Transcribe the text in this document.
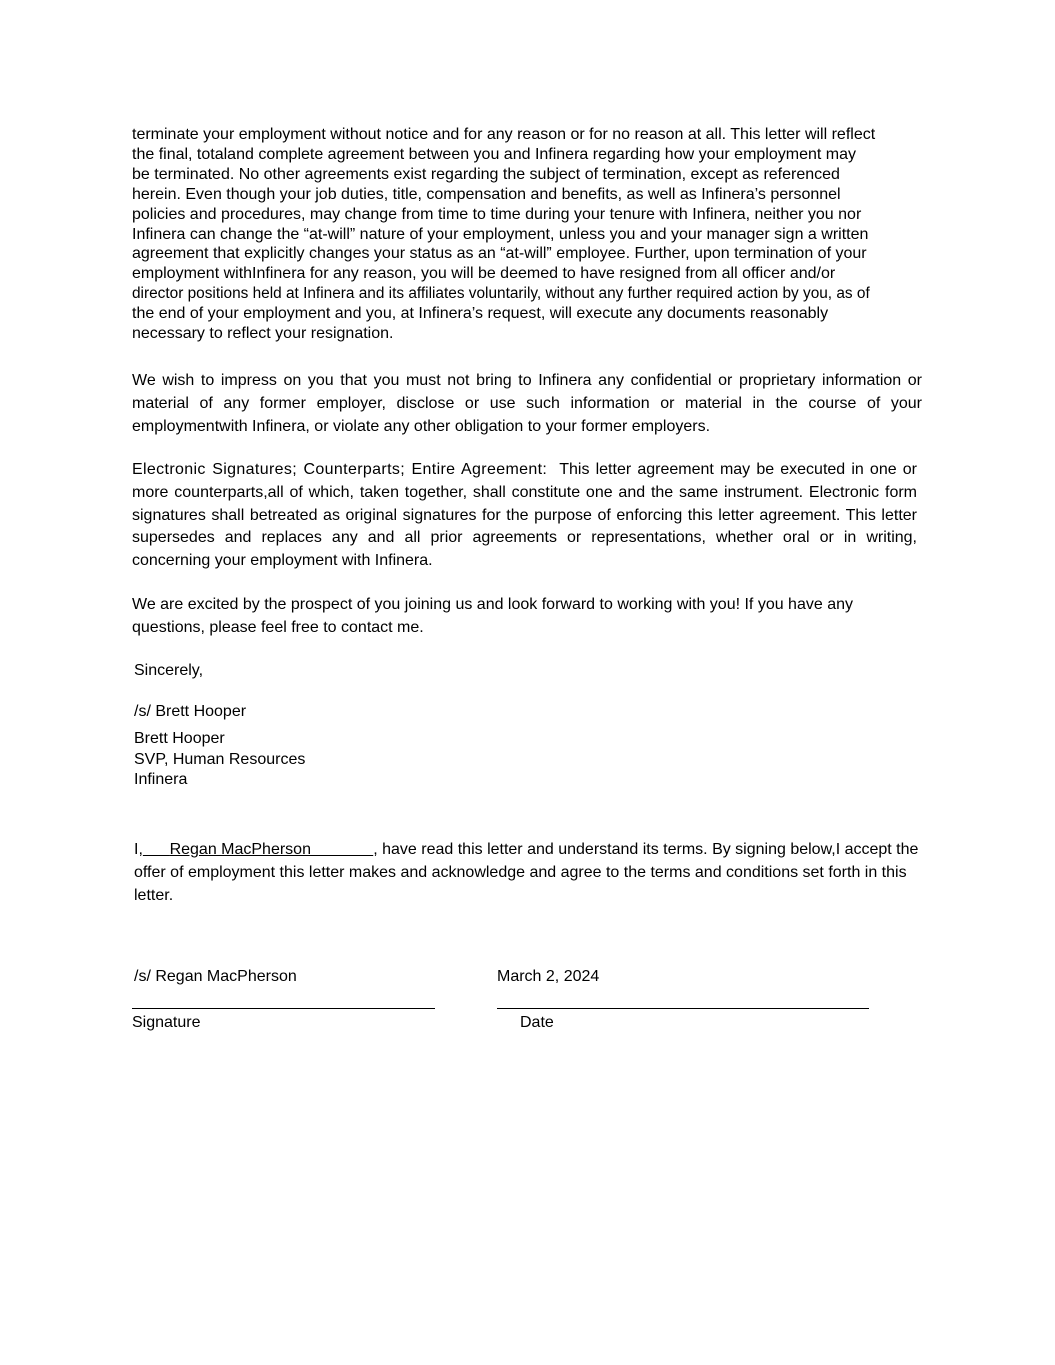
terminate your employment without notice and for any reason or for no reason at all. This letter will reflect
the final, totaland complete agreement between you and Infinera regarding how your employment may
be terminated. No other agreements exist regarding the subject of termination, except as referenced
herein. Even though your job duties, title, compensation and benefits, as well as Infinera’s personnel
policies and procedures, may change from time to time during your tenure with Infinera, neither you nor
Infinera can change the “at-will” nature of your employment, unless you and your manager sign a written
agreement that explicitly changes your status as an “at-will” employee. Further, upon termination of your
employment withInfinera for any reason, you will be deemed to have resigned from all officer and/or
director positions held at Infinera and its affiliates voluntarily, without any further required action by you, as of
the end of your employment and you, at Infinera’s request, will execute any documents reasonably
necessary to reflect your resignation.

We wish to impress on you that you must not bring to Infinera any confidential or proprietary information or material of any former employer, disclose or use such information or material in the course of your employmentwith Infinera, or violate any other obligation to your former employers.

Electronic Signatures; Counterparts; Entire Agreement: This letter agreement may be executed in one or more counterparts,all of which, taken together, shall constitute one and the same instrument. Electronic form signatures shall betreated as original signatures for the purpose of enforcing this letter agreement. This letter supersedes and replaces any and all prior agreements or representations, whether oral or in writing, concerning your employment with Infinera.

We are excited by the prospect of you joining us and look forward to working with you! If you have any questions, please feel free to contact me.

Sincerely,

/s/ Brett Hooper

Brett Hooper
SVP, Human Resources
Infinera

I, Regan MacPherson	, have read this letter and understand its terms. By signing below,I accept the offer of employment this letter makes and acknowledge and agree to the terms and conditions set forth in this letter.

/s/ Regan MacPherson	March 2, 2024

Signature	Date
